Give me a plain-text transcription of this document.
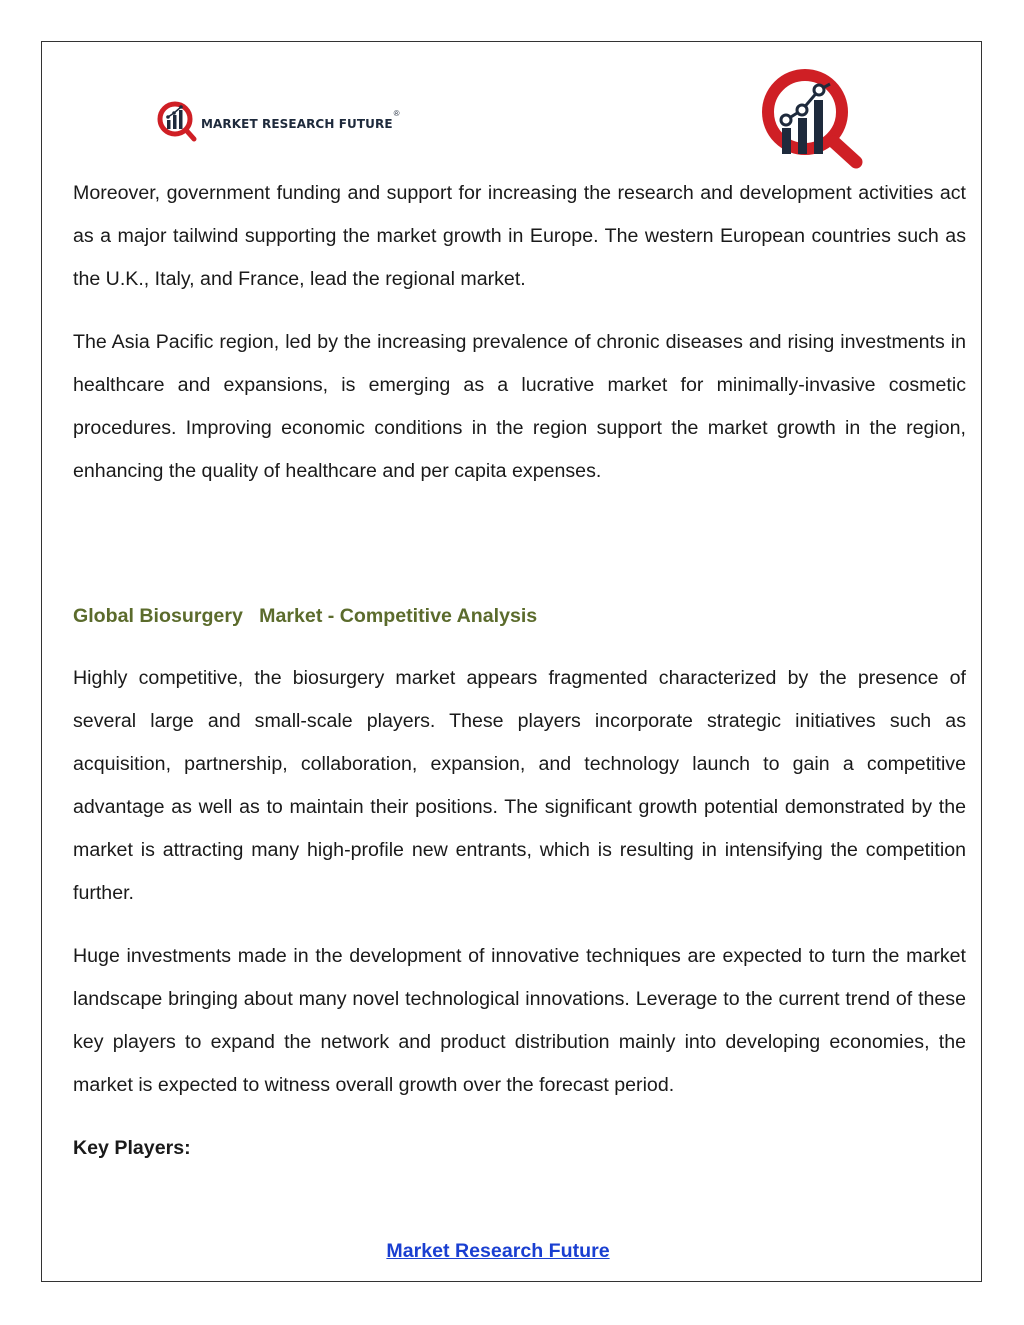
MARKET RESEARCH FUTURE
®

Moreover, government funding and support for increasing the research and development activities act as a major tailwind supporting the market growth in Europe. The western European countries such as the U.K., Italy, and France, lead the regional market.

The Asia Pacific region, led by the increasing prevalence of chronic diseases and rising investments in healthcare and expansions, is emerging as a lucrative market for minimally-invasive cosmetic procedures. Improving economic conditions in the region support the market growth in the region, enhancing the quality of healthcare and per capita expenses.

Global Biosurgery   Market - Competitive Analysis

Highly competitive, the biosurgery market appears fragmented characterized by the presence of several large and small-scale players. These players incorporate strategic initiatives such as acquisition, partnership, collaboration, expansion, and technology launch to gain a competitive advantage as well as to maintain their positions. The significant growth potential demonstrated by the market is attracting many high-profile new entrants, which is resulting in intensifying the competition further.

Huge investments made in the development of innovative techniques are expected to turn the market landscape bringing about many novel technological innovations. Leverage to the current trend of these key players to expand the network and product distribution mainly into developing economies, the market is expected to witness overall growth over the forecast period.

Key Players:

Market Research Future
